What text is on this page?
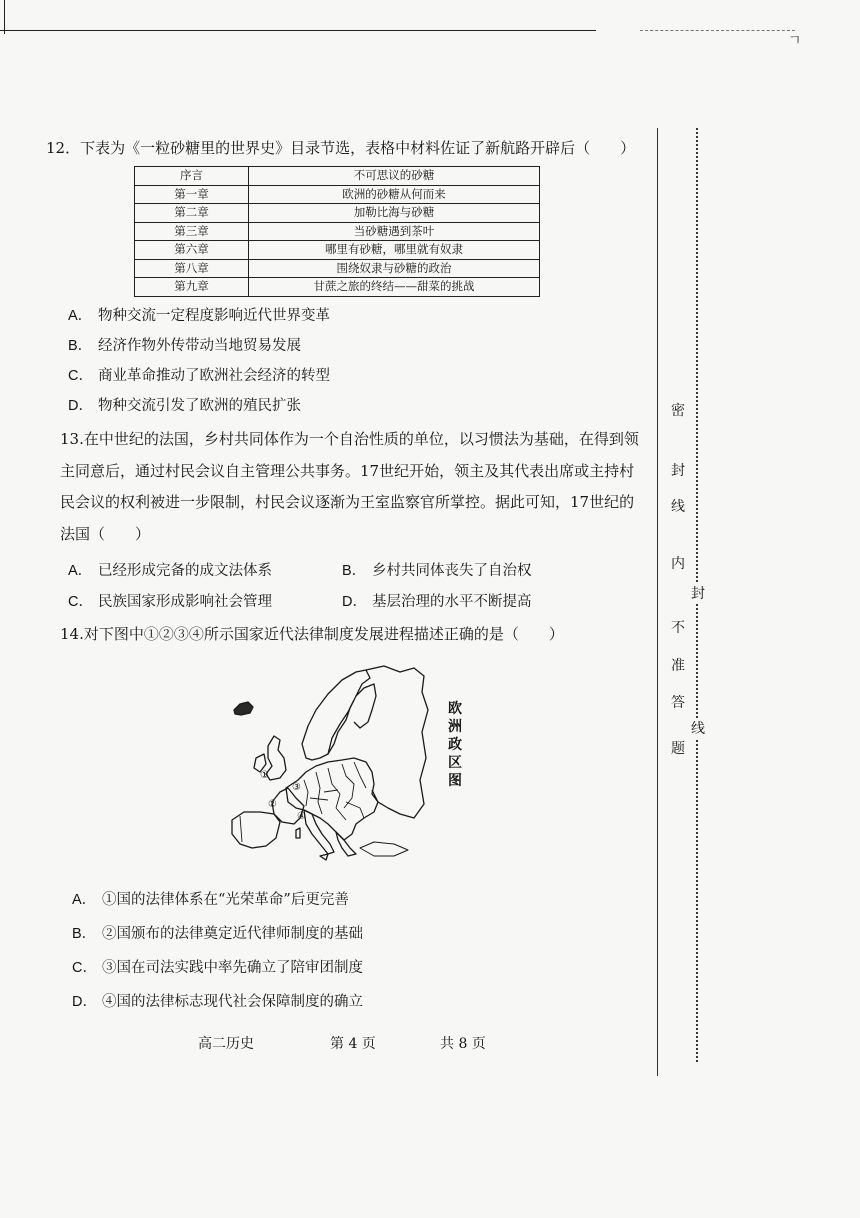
ㄱ
12．下表为《一粒砂糖里的世界史》目录节选，表格中材料佐证了新航路开辟后（　　）
序言	不可思议的砂糖
第一章	欧洲的砂糖从何而来
第二章	加勒比海与砂糖
第三章	当砂糖遇到茶叶
第六章	哪里有砂糖，哪里就有奴隶
第八章	围绕奴隶与砂糖的政治
第九章	甘蔗之旅的终结——甜菜的挑战
A． 物种交流一定程度影响近代世界变革
B． 经济作物外传带动当地贸易发展
C． 商业革命推动了欧洲社会经济的转型
D． 物种交流引发了欧洲的殖民扩张
13.在中世纪的法国，乡村共同体作为一个自治性质的单位，以习惯法为基础，在得到领主同意后，通过村民会议自主管理公共事务。17世纪开始，领主及其代表出席或主持村民会议的权利被进一步限制，村民会议逐渐为王室监察官所掌控。据此可知，17世纪的法国（　　）
A． 已经形成完备的成文法体系	B． 乡村共同体丧失了自治权
C． 民族国家形成影响社会管理	D． 基层治理的水平不断提高
14.对下图中①②③④所示国家近代法律制度发展进程描述正确的是（　　）
①
②
③
④
欧洲政区图
A． ①国的法律体系在“光荣革命”后更完善
B． ②国颁布的法律奠定近代律师制度的基础
C． ③国在司法实践中率先确立了陪审团制度
D． ④国的法律标志现代社会保障制度的确立
高二历史	第 4 页	共 8 页
密
封
线
内
封
不
准
答
线
题
